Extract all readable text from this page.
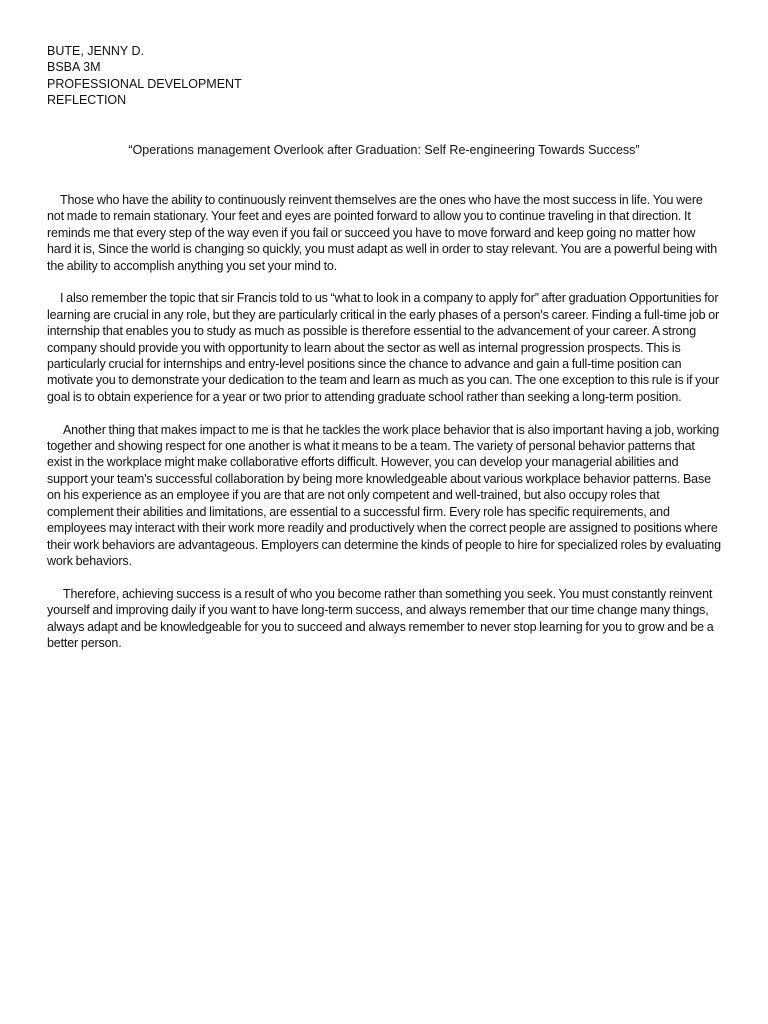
BUTE, JENNY D.
BSBA 3M
PROFESSIONAL DEVELOPMENT
REFLECTION
“Operations management Overlook after Graduation: Self Re-engineering Towards Success”

Those who have the ability to continuously reinvent themselves are the ones who have the most success in life. You were not made to remain stationary. Your feet and eyes are pointed forward to allow you to continue traveling in that direction. It reminds me that every step of the way even if you fail or succeed you have to move forward and keep going no matter how hard it is, Since the world is changing so quickly, you must adapt as well in order to stay relevant. You are a powerful being with the ability to accomplish anything you set your mind to.

I also remember the topic that sir Francis told to us “what to look in a company to apply for” after graduation Opportunities for learning are crucial in any role, but they are particularly critical in the early phases of a person's career. Finding a full-time job or internship that enables you to study as much as possible is therefore essential to the advancement of your career. A strong company should provide you with opportunity to learn about the sector as well as internal progression prospects. This is particularly crucial for internships and entry-level positions since the chance to advance and gain a full-time position can motivate you to demonstrate your dedication to the team and learn as much as you can. The one exception to this rule is if your goal is to obtain experience for a year or two prior to attending graduate school rather than seeking a long-term position.

Another thing that makes impact to me is that he tackles the work place behavior that is also important having a job, working together and showing respect for one another is what it means to be a team. The variety of personal behavior patterns that exist in the workplace might make collaborative efforts difficult. However, you can develop your managerial abilities and support your team's successful collaboration by being more knowledgeable about various workplace behavior patterns. Base on his experience as an employee if you are that are not only competent and well-trained, but also occupy roles that complement their abilities and limitations, are essential to a successful firm. Every role has specific requirements, and employees may interact with their work more readily and productively when the correct people are assigned to positions where their work behaviors are advantageous. Employers can determine the kinds of people to hire for specialized roles by evaluating work behaviors.

Therefore, achieving success is a result of who you become rather than something you seek. You must constantly reinvent yourself and improving daily if you want to have long-term success, and always remember that our time change many things, always adapt and be knowledgeable for you to succeed and always remember to never stop learning for you to grow and be a better person.
